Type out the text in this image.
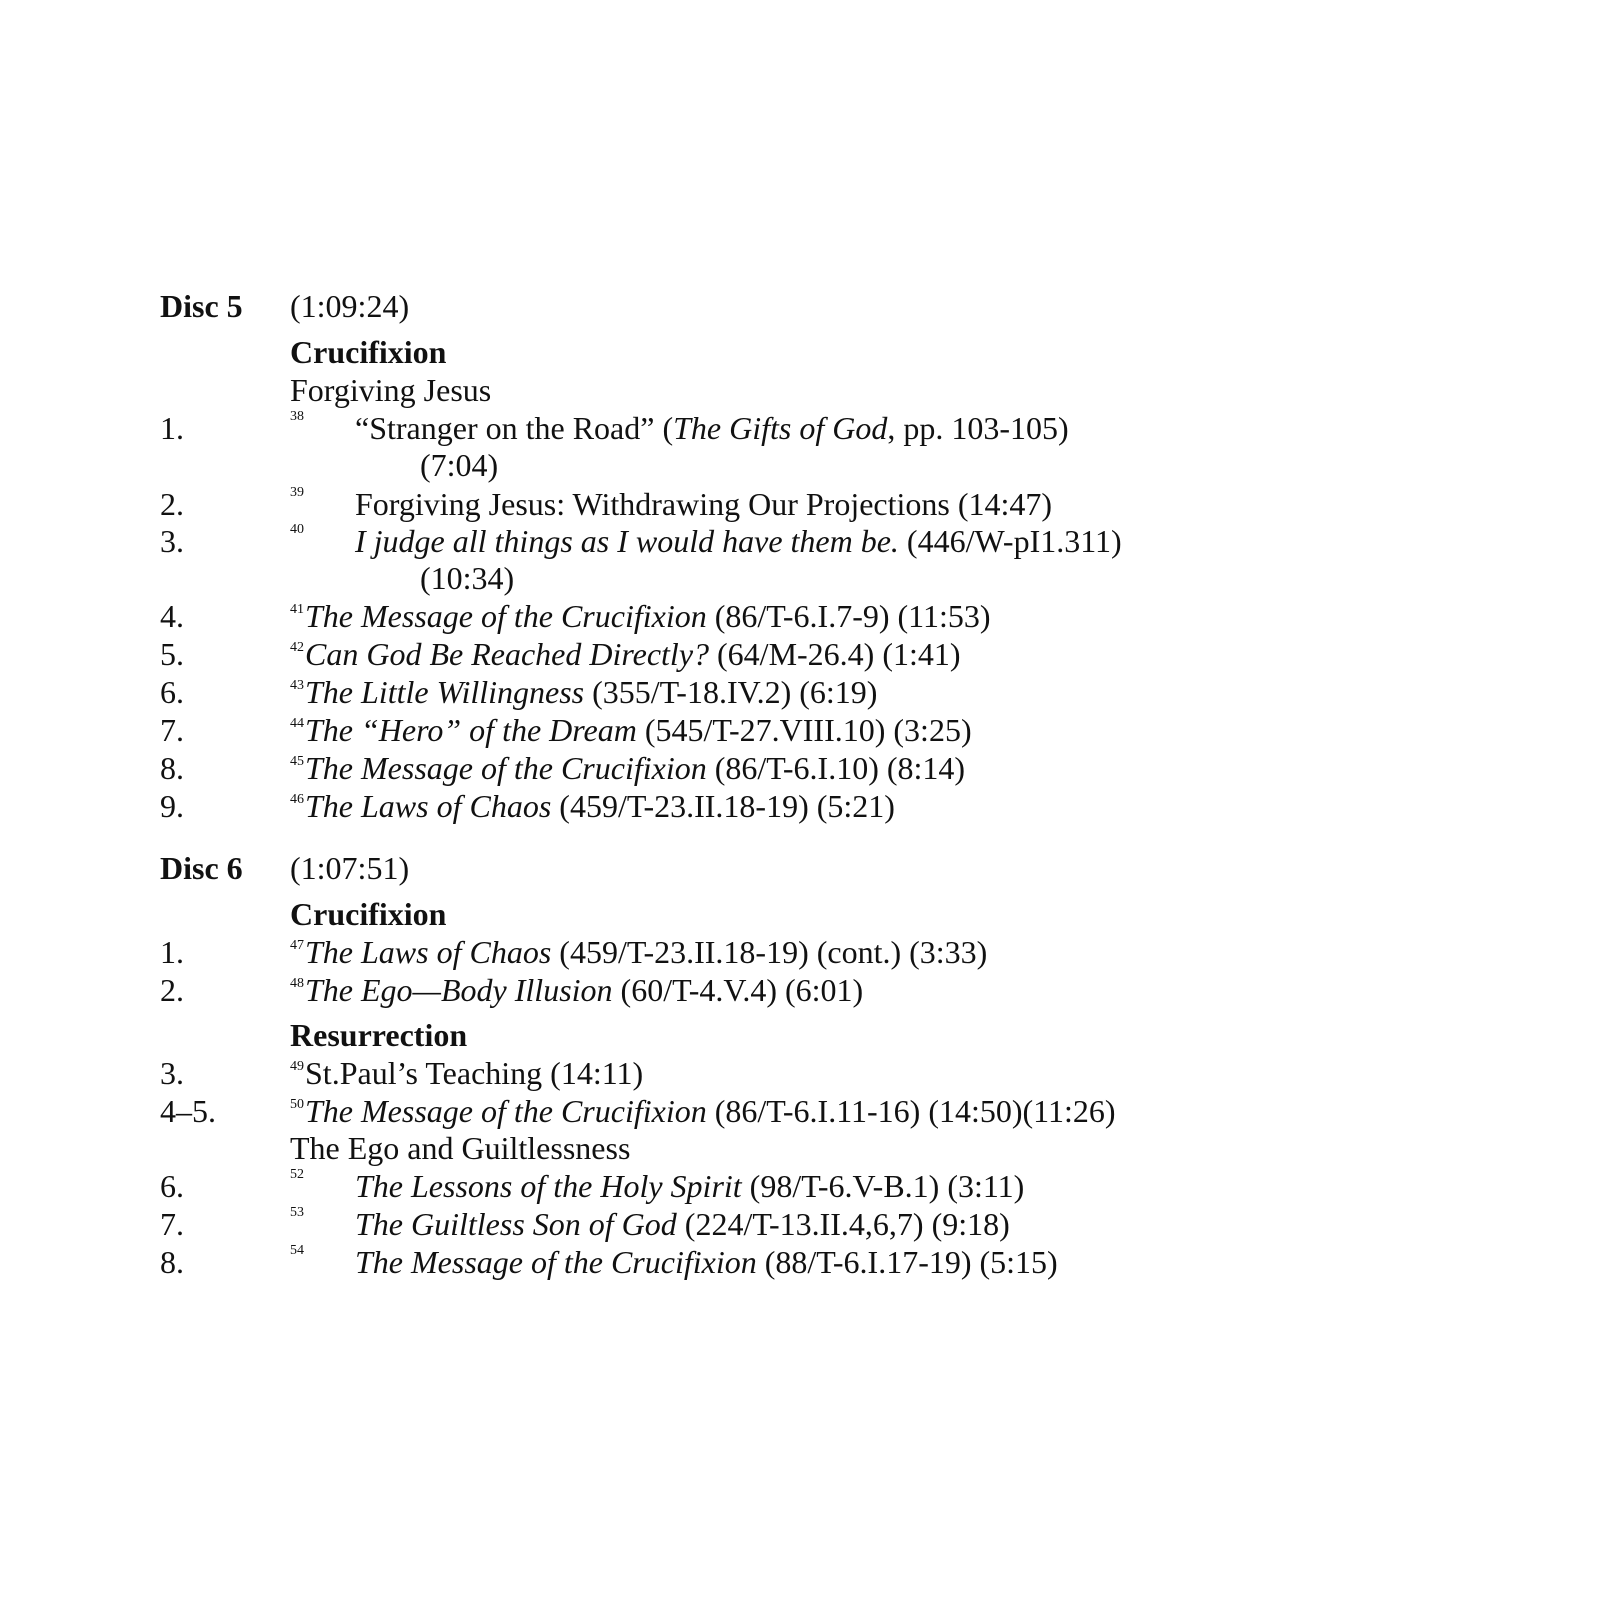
Disc 5 (1:09:24)
Crucifixion
Forgiving Jesus
1.	38 “Stranger on the Road” (The Gifts of God, pp. 103-105)
(7:04)
2.	39 Forgiving Jesus: Withdrawing Our Projections (14:47)
3.	40 I judge all things as I would have them be. (446/W-pI1.311)
(10:34)
4.	$^{41}$The Message of the Crucifixion (86/T-6.I.7-9) (11:53)
5.	$^{42}$Can God Be Reached Directly? (64/M-26.4) (1:41)
6.	$^{43}$The Little Willingness (355/T-18.IV.2) (6:19)
7.	$^{44}$The “Hero” of the Dream (545/T-27.VIII.10) (3:25)
8.	$^{45}$The Message of the Crucifixion (86/T-6.I.10) (8:14)
9.	$^{46}$The Laws of Chaos (459/T-23.II.18-19) (5:21)
Disc 6 (1:07:51)
Crucifixion
1.	$^{47}$The Laws of Chaos (459/T-23.II.18-19) (cont.) (3:33)
2.	$^{48}$The Ego—Body Illusion (60/T-4.V.4) (6:01)
Resurrection
3.	$^{49}$St.Paul’s Teaching (14:11)
4–5.	$^{50}$The Message of the Crucifixion (86/T-6.I.11-16) (14:50)(11:26)
The Ego and Guiltlessness
6.	52 The Lessons of the Holy Spirit (98/T-6.V-B.1) (3:11)
7.	53 The Guiltless Son of God (224/T-13.II.4,6,7) (9:18)
8.	54 The Message of the Crucifixion (88/T-6.I.17-19) (5:15)
